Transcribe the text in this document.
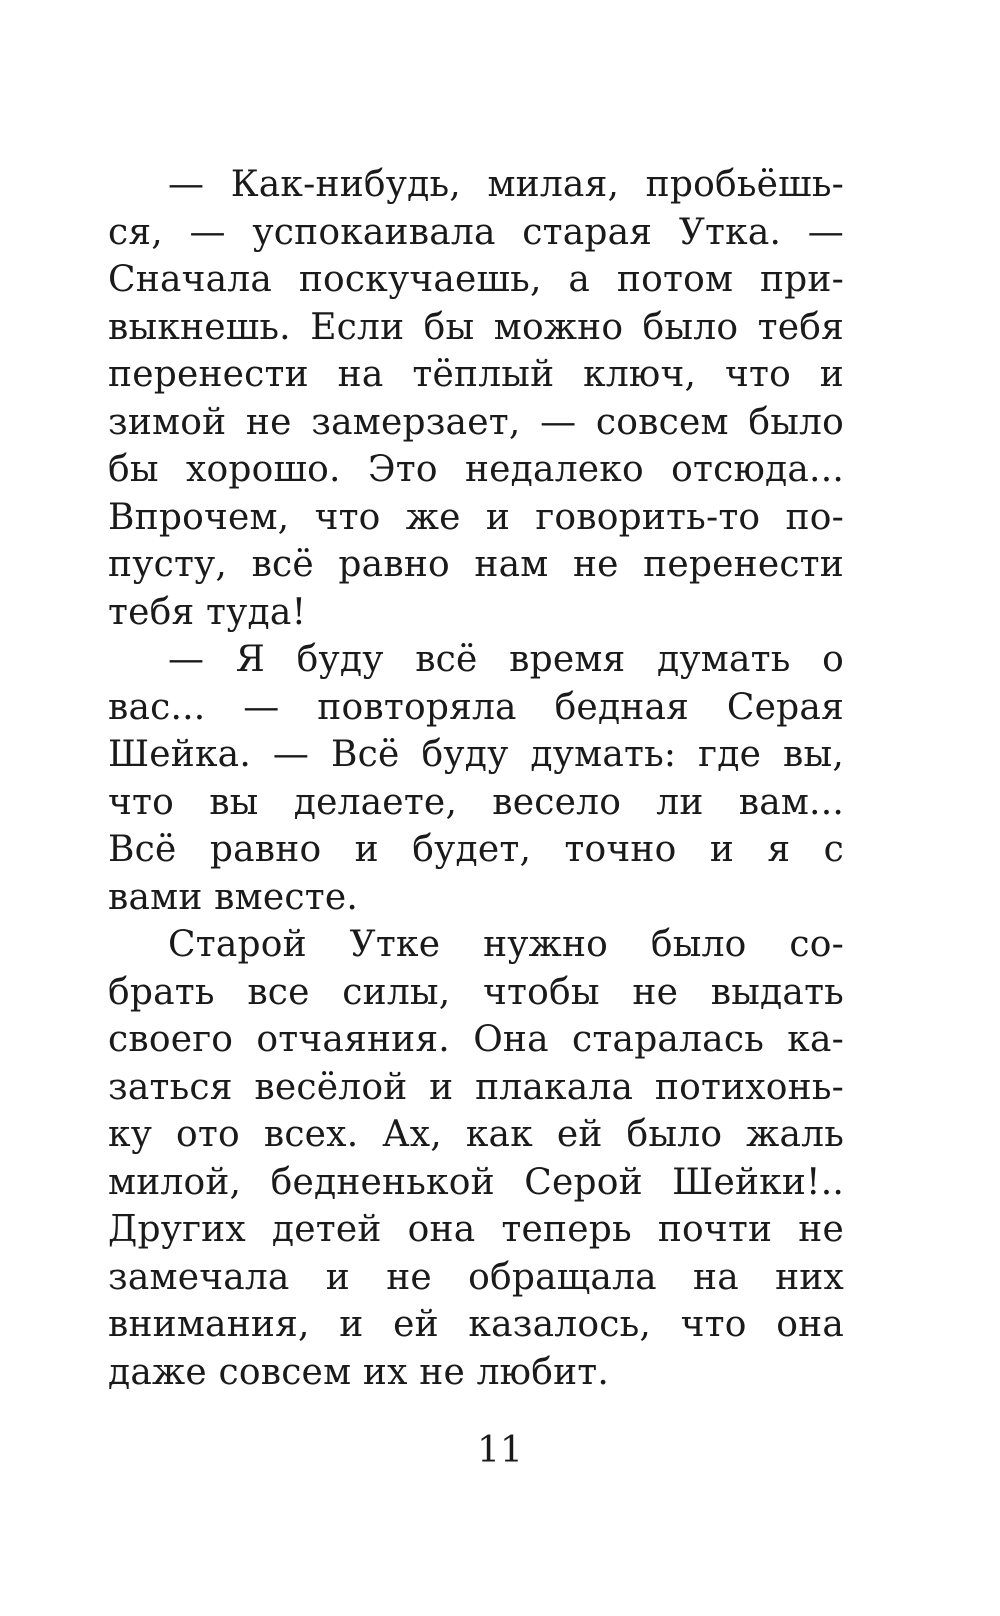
— Как-нибудь, милая, пробьёшь-
ся, — успокаивала старая Утка. —
Сначала поскучаешь, а потом при-
выкнешь. Если бы можно было тебя
перенести на тёплый ключ, что и
зимой не замерзает, — совсем было
бы хорошо. Это недалеко отсюда...
Впрочем, что же и говорить-то по-
пусту, всё равно нам не перенести
тебя туда!
— Я буду всё время думать о
вас... — повторяла бедная Серая
Шейка. — Всё буду думать: где вы,
что вы делаете, весело ли вам...
Всё равно и будет, точно и я с
вами вместе.
Старой Утке нужно было со-
брать все силы, чтобы не выдать
своего отчаяния. Она старалась ка-
заться весёлой и плакала потихонь-
ку ото всех. Ах, как ей было жаль
милой, бедненькой Серой Шейки!..
Других детей она теперь почти не
замечала и не обращала на них
внимания, и ей казалось, что она
даже совсем их не любит.
11
